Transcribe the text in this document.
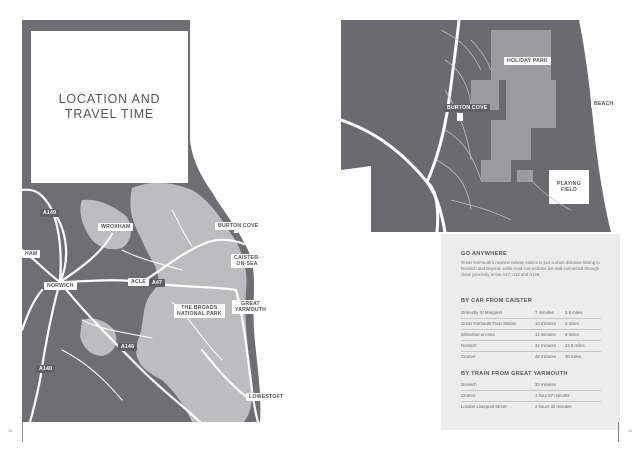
A149
WROXHAM	BURTON COVE
CAISTER-
ON-SEA
HAM
NORWICH
ACLE	A47
THE BROADS
NATIONAL PARK
GREAT
YARMOUTH
A146
A140
LOWESTOFT
LOCATION AND
TRAVEL TIME
10
HOLIDAY PARK
BURTON COVE
BEACH
PLAYING
FIELD
GO ANYWHERE
Great Yarmouth's nearest railway station is just a short distance linking to Norwich and beyond, while road connections are well connected through close proximity to the A47, A12 and A149.
BY CAR FROM CAISTER
Ormesby St Margaret	7 minutes	3.5 miles
Great Yarmouth Train Station	10 minutes 3 miles
Winterton-on-Sea	11 minutes 6 miles
Norwich	32 minutes 22.5 miles
Cromer	48 minutes 30 miles
BY TRAIN FROM GREAT YARMOUTH
Norwich	33 minutes
Cromer	1 hour 57 minutes
London Liverpool Street	2 hours 32 minutes
11
